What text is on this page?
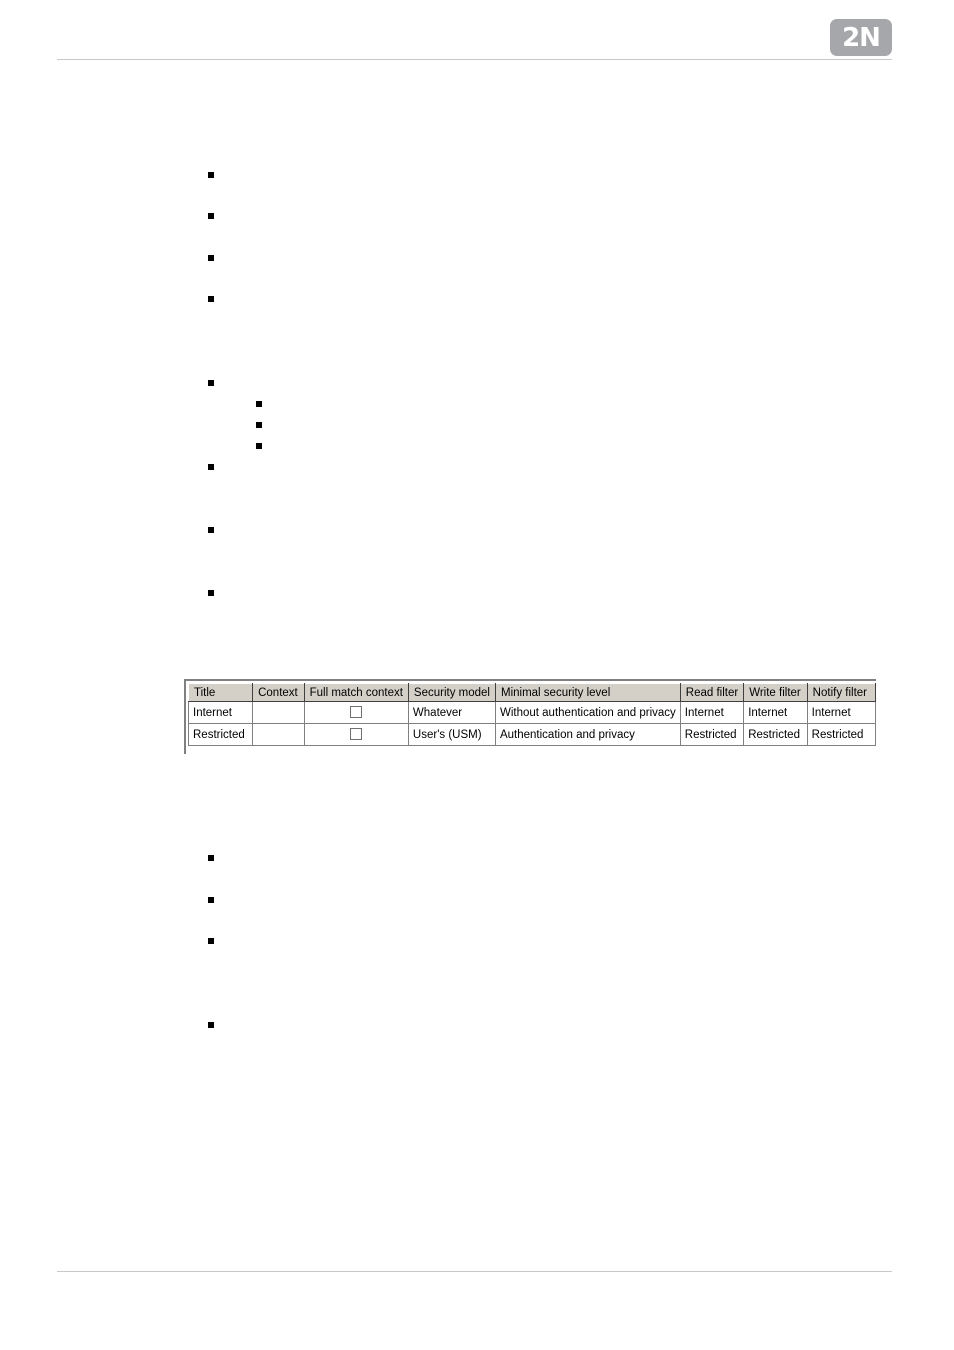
2N
Title	Context	Full match context	Security model	Minimal security level	Read filter	Write filter	Notify filter
Internet			Whatever	Without authentication and privacy	Internet	Internet	Internet
Restricted			User's (USM)	Authentication and privacy	Restricted	Restricted	Restricted
